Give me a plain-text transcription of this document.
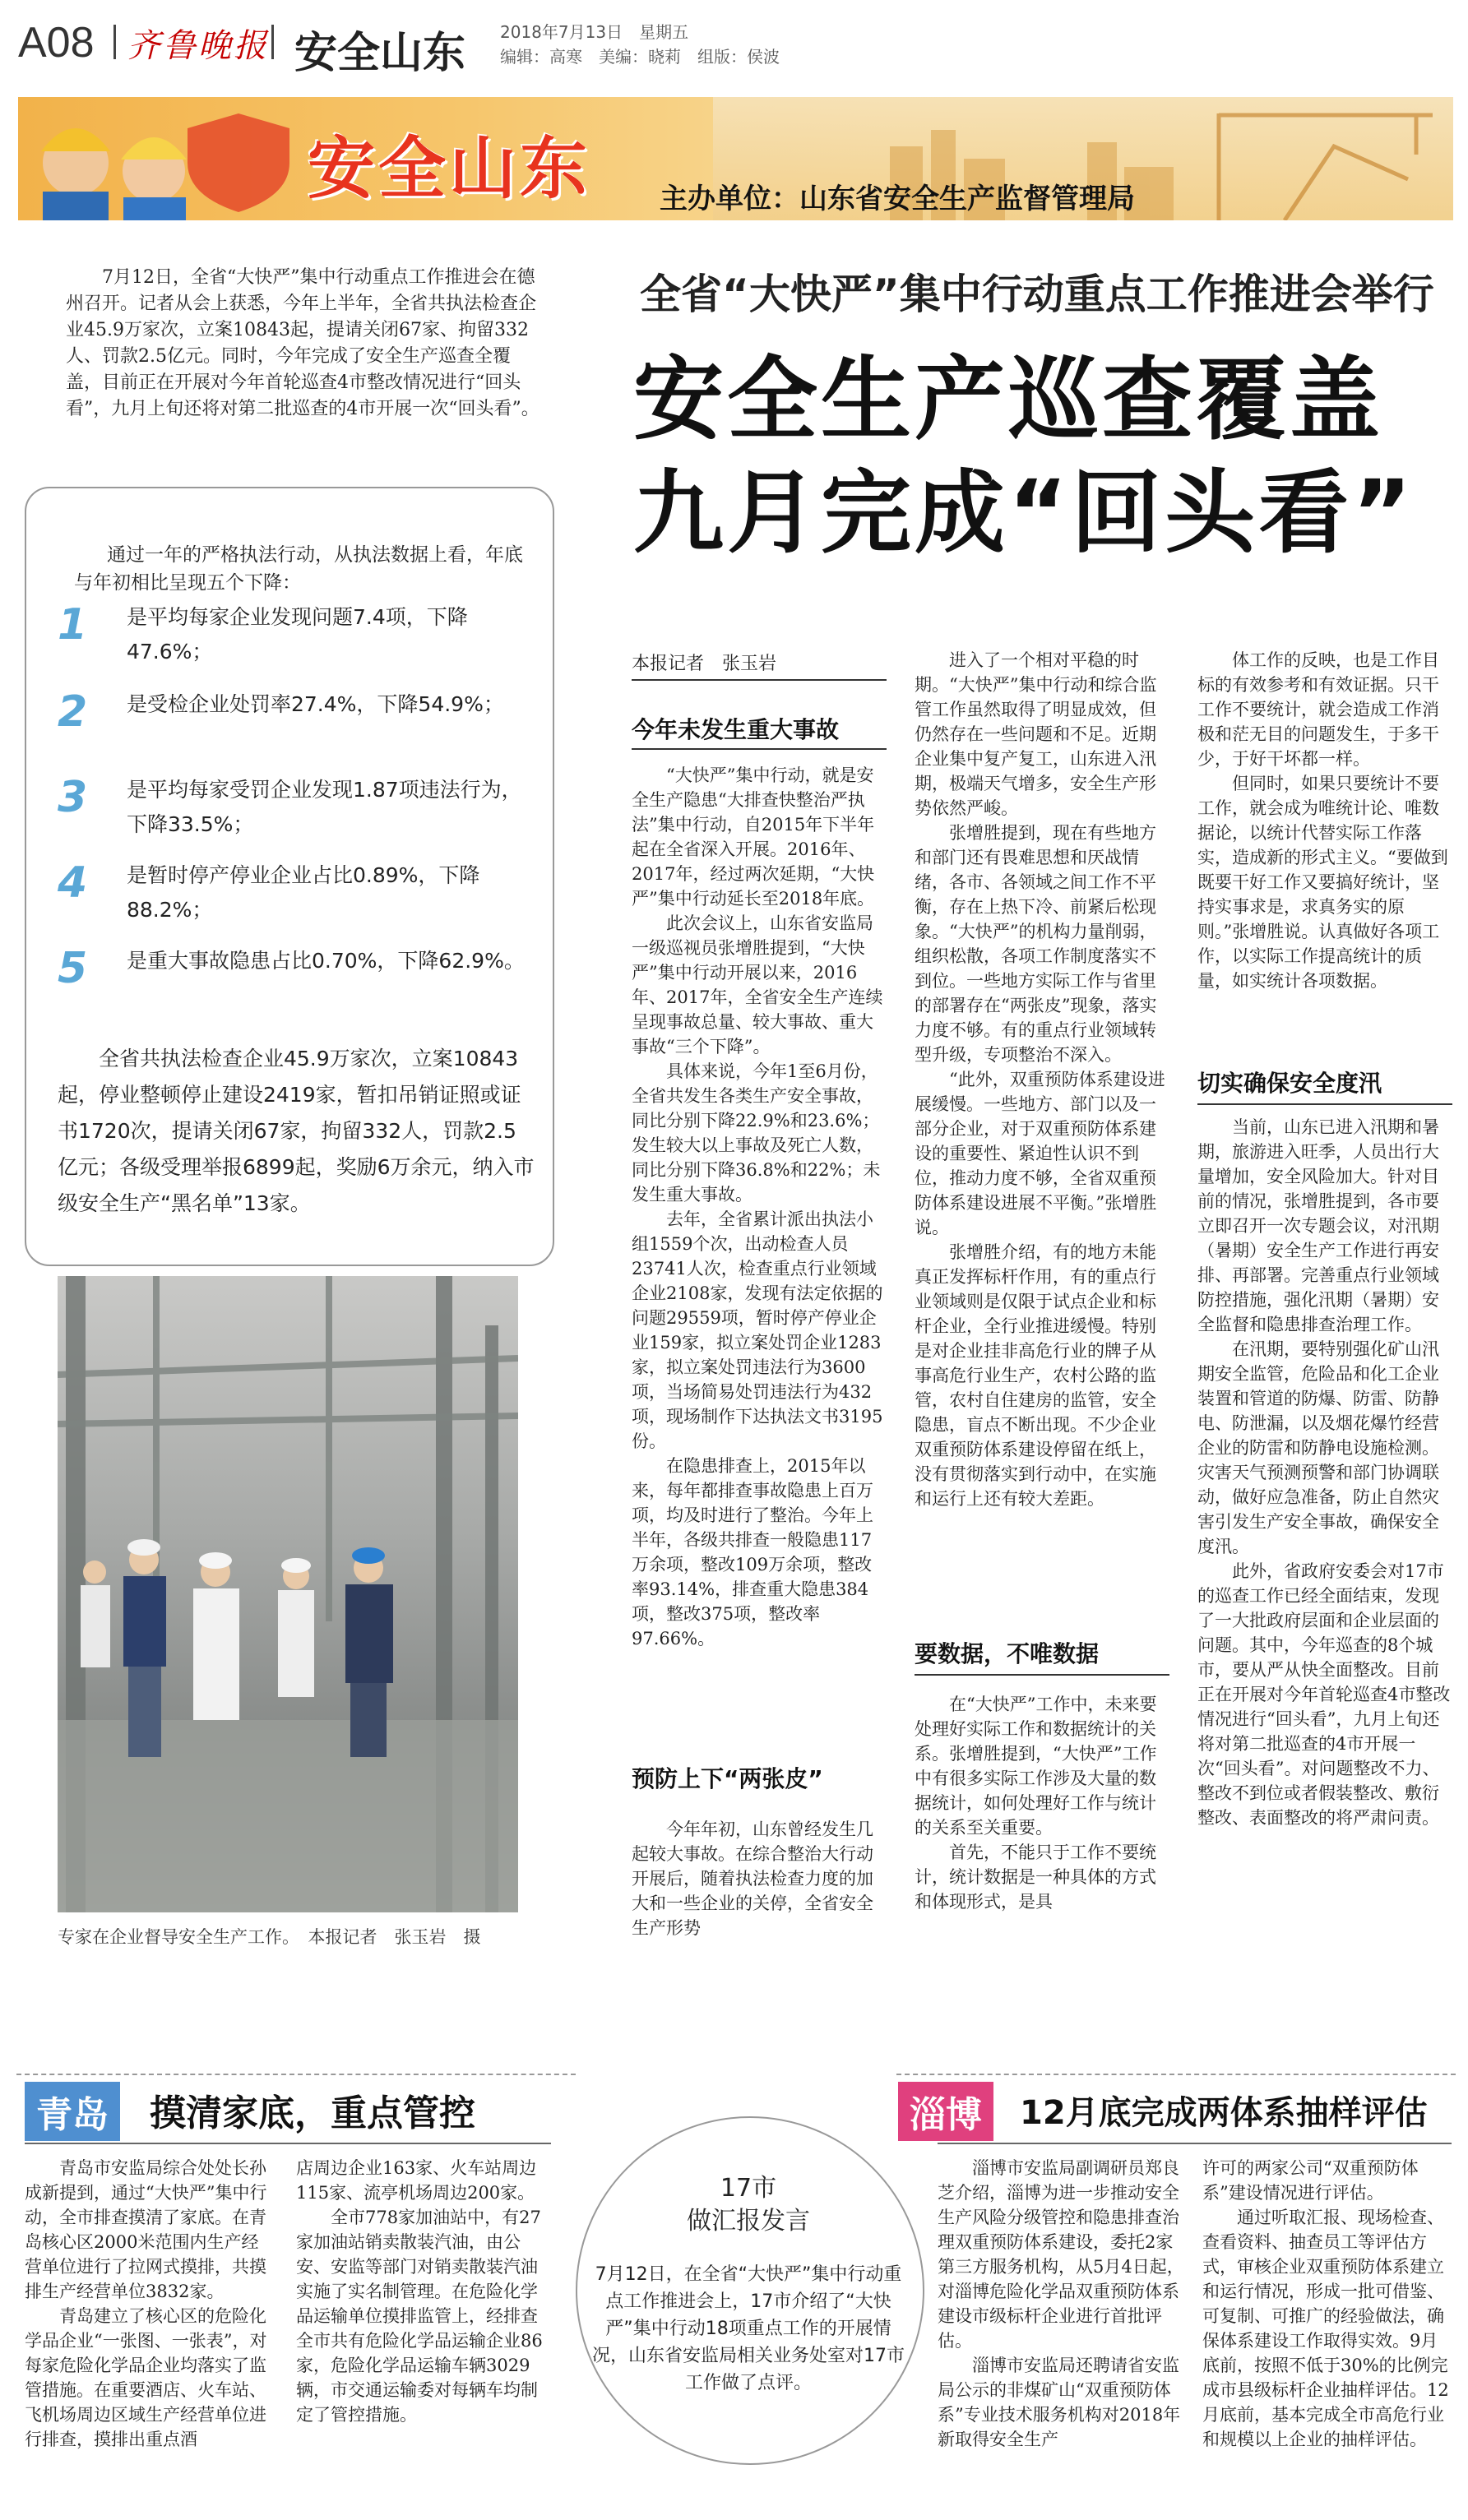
A08 齐鲁晚报 安全山东 2018年7月13日　星期五
编辑：高寒　美编：晓莉　组版：侯波
安全山东 主办单位：山东省安全生产监督管理局
7月12日，全省“大快严”集中行动重点工作推进会在德州召开。记者从会上获悉，今年上半年，全省共执法检查企业45.9万家次，立案10843起，提请关闭67家、拘留332人、罚款2.5亿元。同时，今年完成了安全生产巡查全覆盖，目前正在开展对今年首轮巡查4市整改情况进行“回头看”，九月上旬还将对第二批巡查的4市开展一次“回头看”。
通过一年的严格执法行动，从执法数据上看，年底与年初相比呈现五个下降：
1 是平均每家企业发现问题7.4项，下降47.6%；
2 是受检企业处罚率27.4%，下降54.9%；
3 是平均每家受罚企业发现1.87项违法行为，下降33.5%；
4 是暂时停产停业企业占比0.89%，下降88.2%；
5 是重大事故隐患占比0.70%，下降62.9%。
全省共执法检查企业45.9万家次，立案10843起，停业整顿停止建设2419家，暂扣吊销证照或证书1720次，提请关闭67家，拘留332人，罚款2.5亿元；各级受理举报6899起，奖励6万余元，纳入市级安全生产“黑名单”13家。
专家在企业督导安全生产工作。　本报记者　张玉岩　摄
全省“大快严”集中行动重点工作推进会举行
安全生产巡查覆盖
九月完成“回头看”
本报记者　张玉岩
今年未发生重大事故

“大快严”集中行动，就是安全生产隐患“大排查快整治严执法”集中行动，自2015年下半年起在全省深入开展。2016年、2017年，经过两次延期，“大快严”集中行动延长至2018年底。

此次会议上，山东省安监局一级巡视员张增胜提到，“大快严”集中行动开展以来，2016年、2017年，全省安全生产连续呈现事故总量、较大事故、重大事故“三个下降”。

具体来说，今年1至6月份，全省共发生各类生产安全事故，同比分别下降22.9%和23.6%；发生较大以上事故及死亡人数，同比分别下降36.8%和22%；未发生重大事故。

去年，全省累计派出执法小组1559个次，出动检查人员23741人次，检查重点行业领域企业2108家，发现有法定依据的问题29559项，暂时停产停业企业159家，拟立案处罚企业1283家，拟立案处罚违法行为3600项，当场简易处罚违法行为432项，现场制作下达执法文书3195份。

在隐患排查上，2015年以来，每年都排查事故隐患上百万项，均及时进行了整治。今年上半年，各级共排查一般隐患117万余项，整改109万余项，整改率93.14%，排查重大隐患384项，整改375项，整改率97.66%。

预防上下“两张皮”

今年年初，山东曾经发生几起较大事故。在综合整治大行动开展后，随着执法检查力度的加大和一些企业的关停，全省安全生产形势

进入了一个相对平稳的时期。“大快严”集中行动和综合监管工作虽然取得了明显成效，但仍然存在一些问题和不足。近期企业集中复产复工，山东进入汛期，极端天气增多，安全生产形势依然严峻。

张增胜提到，现在有些地方和部门还有畏难思想和厌战情绪，各市、各领域之间工作不平衡，存在上热下冷、前紧后松现象。“大快严”的机构力量削弱，组织松散，各项工作制度落实不到位。一些地方实际工作与省里的部署存在“两张皮”现象，落实力度不够。有的重点行业领域转型升级，专项整治不深入。

“此外，双重预防体系建设进展缓慢。一些地方、部门以及一部分企业，对于双重预防体系建设的重要性、紧迫性认识不到位，推动力度不够，全省双重预防体系建设进展不平衡。”张增胜说。

张增胜介绍，有的地方未能真正发挥标杆作用，有的重点行业领域则是仅限于试点企业和标杆企业，全行业推进缓慢。特别是对企业挂非高危行业的牌子从事高危行业生产，农村公路的监管，农村自住建房的监管，安全隐患，盲点不断出现。不少企业双重预防体系建设停留在纸上，没有贯彻落实到行动中，在实施和运行上还有较大差距。

要数据，不唯数据

在“大快严”工作中，未来要处理好实际工作和数据统计的关系。张增胜提到，“大快严”工作中有很多实际工作涉及大量的数据统计，如何处理好工作与统计的关系至关重要。

首先，不能只于工作不要统计，统计数据是一种具体的方式和体现形式，是具

体工作的反映，也是工作目标的有效参考和有效证据。只干工作不要统计，就会造成工作消极和茫无目的问题发生，于多干少，于好干坏都一样。

但同时，如果只要统计不要工作，就会成为唯统计论、唯数据论，以统计代替实际工作落实，造成新的形式主义。“要做到既要干好工作又要搞好统计，坚持实事求是，求真务实的原则。”张增胜说。认真做好各项工作，以实际工作提高统计的质量，如实统计各项数据。

切实确保安全度汛

当前，山东已进入汛期和暑期，旅游进入旺季，人员出行大量增加，安全风险加大。针对目前的情况，张增胜提到，各市要立即召开一次专题会议，对汛期（暑期）安全生产工作进行再安排、再部署。完善重点行业领域防控措施，强化汛期（暑期）安全监督和隐患排查治理工作。

在汛期，要特别强化矿山汛期安全监管，危险品和化工企业装置和管道的防爆、防雷、防静电、防泄漏，以及烟花爆竹经营企业的防雷和防静电设施检测。灾害天气预测预警和部门协调联动，做好应急准备，防止自然灾害引发生产安全事故，确保安全度汛。

此外，省政府安委会对17市的巡查工作已经全面结束，发现了一大批政府层面和企业层面的问题。其中，今年巡查的8个城市，要从严从快全面整改。目前正在开展对今年首轮巡查4市整改情况进行“回头看”，九月上旬还将对第二批巡查的4市开展一次“回头看”。对问题整改不力、整改不到位或者假装整改、敷衍整改、表面整改的将严肃问责。

青岛	摸清家底，重点管控

青岛市安监局综合处处长孙成新提到，通过“大快严”集中行动，全市排查摸清了家底。在青岛核心区2000米范围内生产经营单位进行了拉网式摸排，共摸排生产经营单位3832家。

青岛建立了核心区的危险化学品企业“一张图、一张表”，对每家危险化学品企业均落实了监管措施。在重要酒店、火车站、飞机场周边区域生产经营单位进行排查，摸排出重点酒

店周边企业163家、火车站周边115家、流亭机场周边200家。

全市778家加油站中，有27家加油站销卖散装汽油，由公安、安监等部门对销卖散装汽油实施了实名制管理。在危险化学品运输单位摸排监管上，经排查全市共有危险化学品运输企业86家，危险化学品运输车辆3029辆，市交通运输委对每辆车均制定了管控措施。

17市
做汇报发言
7月12日，在全省“大快严”集中行动重点工作推进会上，17市介绍了“大快严”集中行动18项重点工作的开展情况，山东省安监局相关业务处室对17市工作做了点评。
淄博	12月底完成两体系抽样评估

淄博市安监局副调研员郑良芝介绍，淄博为进一步推动安全生产风险分级管控和隐患排查治理双重预防体系建设，委托2家第三方服务机构，从5月4日起，对淄博危险化学品双重预防体系建设市级标杆企业进行首批评估。

淄博市安监局还聘请省安监局公示的非煤矿山“双重预防体系”专业技术服务机构对2018年新取得安全生产

许可的两家公司“双重预防体系”建设情况进行评估。

通过听取汇报、现场检查、查看资料、抽查员工等评估方式，审核企业双重预防体系建立和运行情况，形成一批可借鉴、可复制、可推广的经验做法，确保体系建设工作取得实效。9月底前，按照不低于30%的比例完成市县级标杆企业抽样评估。12月底前，基本完成全市高危行业和规模以上企业的抽样评估。
